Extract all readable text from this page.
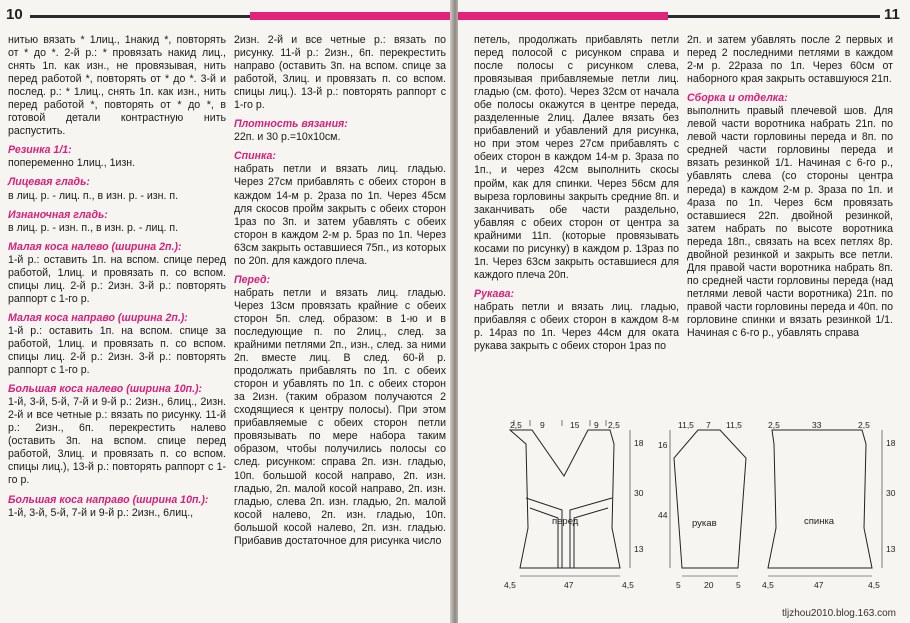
10

нитью вязать * 1лиц., 1накид *, повторять от * до *. 2-й р.: * провязать накид лиц., снять 1п. как изн., не провязывая, нить перед работой *, повторять от * до *. 3-й и послед. р.: * 1лиц., снять 1п. как изн., нить перед работой *, повторять от * до *, в готовой детали контрастную нить распустить.

Резинка 1/1:

попеременно 1лиц., 1изн.

Лицевая гладь:

в лиц. р. - лиц. п., в изн. р. - изн. п.

Изнаночная гладь:

в лиц. р. - изн. п., в изн. р. - лиц. п.

Малая коса налево (ширина 2п.):

1-й р.: оставить 1п. на вспом. спице перед работой, 1лиц. и провязать п. со вспом. спицы лиц. 2-й р.: 2изн. 3-й р.: повторять раппорт с 1-го р.

Малая коса направо (ширина 2п.):

1-й р.: оставить 1п. на вспом. спице за работой, 1лиц. и провязать п. со вспом. спицы лиц. 2-й р.: 2изн. 3-й р.: повторять раппорт с 1-го р.

Большая коса налево (ширина 10п.):

1-й, 3-й, 5-й, 7-й и 9-й р.: 2изн., 6лиц., 2изн. 2-й и все четные р.: вязать по рисунку. 11-й р.: 2изн., 6п. перекрестить налево (оставить 3п. на вспом. спице перед работой, 3лиц. и провязать п. со вспом. спицы лиц.), 13-й р.: повторять раппорт с 1-го р.

Большая коса направо (ширина 10п.):

1-й, 3-й, 5-й, 7-й и 9-й р.: 2изн., 6лиц.,

2изн. 2-й и все четные р.: вязать по рисунку. 11-й р.: 2изн., 6п. перекрестить направо (оставить 3п. на вспом. спице за работой, 3лиц. и провязать п. со вспом. спицы лиц.). 13-й р.: повторять раппорт с 1-го р.

Плотность вязания:

22п. и 30 р.=10x10см.

Спинка:

набрать петли и вязать лиц. гладью. Через 27см прибавлять с обеих сторон в каждом 14-м р. 2раза по 1п. Через 45см для скосов пройм закрыть с обеих сторон 1раз по 3п. и затем убавлять с обеих сторон в каждом 2-м р. 5раз по 1п. Через 63см закрыть оставшиеся 75п., из которых по 20п. для каждого плеча.

Перед:

набрать петли и вязать лиц. гладью. Через 13см провязать крайние с обеих сторон 5п. след. образом: в 1-ю и в последующие п. по 2лиц., след. за крайними петлями 2п., изн., след. за ними 2п. вместе лиц. В след. 60-й р. продолжать прибавлять по 1п. с обеих сторон и убавлять по 1п. с обеих сторон за 2изн. (таким образом получаются 2 сходящиеся к центру полосы). При этом прибавляемые с обеих сторон петли провязывать по мере набора таким образом, чтобы получились полосы со след. рисунком: справа 2п. изн. гладью, 10п. большой косой направо, 2п. изн. гладью, 2п. малой косой направо, 2п. изн. гладью, слева 2п. изн. гладью, 2п. малой косой налево, 2п. изн. гладью, 10п. большой косой налево, 2п. изн. гладью. Прибавив достаточное для рисунка число

11

петель, продолжать прибавлять петли перед полосой с рисунком справа и после полосы с рисунком слева, провязывая прибавляемые петли лиц. гладью (см. фото). Через 32см от начала обе полосы окажутся в центре переда, разделенные 2лиц. Далее вязать без прибавлений и убавлений для рисунка, но при этом через 27см прибавлять с обеих сторон в каждом 14-м р. 3раза по 1п., и через 42см выполнить скосы пройм, как для спинки. Через 56см для выреза горловины закрыть средние 8п. и заканчивать обе части раздельно, убавляя с обеих сторон от центра за крайними 11п. (которые провязывать косами по рисунку) в каждом р. 13раз по 1п. Через 63см закрыть оставшиеся для каждого плеча 20п.

Рукава:

набрать петли и вязать лиц. гладью, прибавляя с обеих сторон в каждом 8-м р. 14раз по 1п. Через 44см для оката рукава закрыть с обеих сторон 1раз по

2п. и затем убавлять после 2 первых и перед 2 последними петлями в каждом 2-м р. 22раза по 1п. Через 60см от наборного края закрыть оставшуюся 21п.

Сборка и отделка:

выполнить правый плечевой шов. Для левой части воротника набрать 21п. по левой части горловины переда и 8п. по средней части горловины переда и вязать резинкой 1/1. Начиная с 6-го р., убавлять слева (со стороны центра переда) в каждом 2-м р. 3раза по 1п. и 4раза по 1п. Через 6см провязать оставшиеся 22п. двойной резинкой, затем набрать по высоте воротника переда 18п., связать на всех петлях 8р. двойной резинкой и закрыть все петли. Для правой части воротника набрать 8п. по средней части горловины переда (над петлями левой части воротника) 21п. по правой части горловины переда и 40п. по горловине спинки и вязать резинкой 1/1. Начиная с 6-го р., убавлять справа

2,5 9	15 9 2,5
18
30
13
4,5	47	4,5
перед
11,5 7 11,5
16
44
5	20	5
рукав
2,5	33	2,5
18
30
13
4,5	47	4,5
спинка
tljzhou2010.blog.163.com
